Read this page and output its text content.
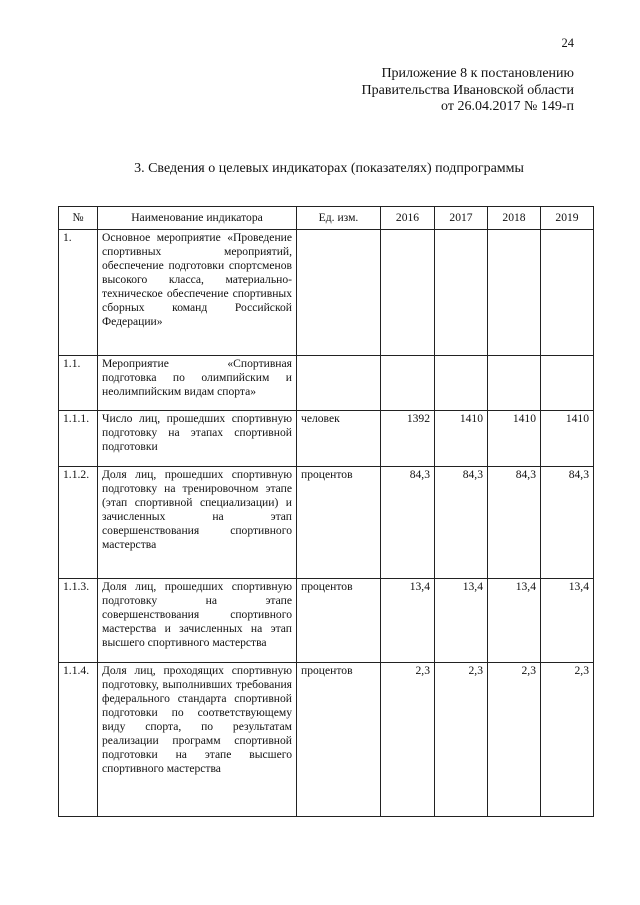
24
Приложение 8 к постановлению
Правительства Ивановской области
от 26.04.2017 № 149-п
3. Сведения о целевых индикаторах (показателях) подпрограммы
№	Наименование индикатора	Ед. изм.	2016	2017	2018	2019
1.	Основное мероприятие «Проведение спортивных мероприятий, обеспечение подготовки спортсменов высокого класса, материально-техническое обеспечение спортивных сборных команд Российской Федерации»					
1.1.	Мероприятие «Спортивная подготовка по олимпийским и неолимпийским видам спорта»					
1.1.1.	Число лиц, прошедших спортивную подготовку на этапах спортивной подготовки	человек	1392	1410	1410	1410
1.1.2.	Доля лиц, прошедших спортивную подготовку на тренировочном этапе (этап спортивной специализации) и зачисленных на этап совершенствования спортивного мастерства	процентов	84,3	84,3	84,3	84,3
1.1.3.	Доля лиц, прошедших спортивную подготовку на этапе совершенствования спортивного мастерства и зачисленных на этап высшего спортивного мастерства	процентов	13,4	13,4	13,4	13,4
1.1.4.	Доля лиц, проходящих спортивную подготовку, выполнивших требования федерального стандарта спортивной подготовки по соответствующему виду спорта, по результатам реализации программ спортивной подготовки на этапе высшего спортивного мастерства	процентов	2,3	2,3	2,3	2,3
